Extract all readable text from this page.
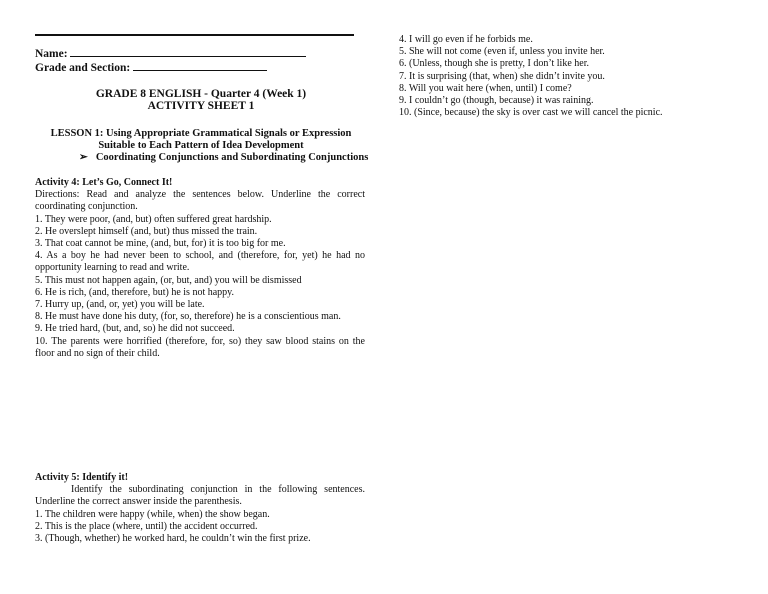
Name:
Grade and Section:
GRADE 8 ENGLISH - Quarter 4 (Week 1)
ACTIVITY SHEET 1
LESSON 1: Using Appropriate Grammatical Signals or Expression
Suitable to Each Pattern of Idea Development
➢ Coordinating Conjunctions and Subordinating Conjunctions

Activity 4: Let’s Go, Connect It!

Directions: Read and analyze the sentences below. Underline the correct coordinating conjunction.

1. They were poor, (and, but) often suffered great hardship.

2. He overslept himself (and, but) thus missed the train.

3. That coat cannot be mine, (and, but, for) it is too big for me.

4. As a boy he had never been to school, and (therefore, for, yet) he had no opportunity learning to read and write.

5. This must not happen again, (or, but, and) you will be dismissed

6. He is rich, (and, therefore, but) he is not happy.

7. Hurry up, (and, or, yet) you will be late.

8. He must have done his duty, (for, so, therefore) he is a conscientious man.

9. He tried hard, (but, and, so) he did not succeed.

10. The parents were horrified (therefore, for, so) they saw blood stains on the floor and no sign of their child.

Activity 5: Identify it!

Identify the subordinating conjunction in the following sentences. Underline the correct answer inside the parenthesis.

1. The children were happy (while, when) the show began.

2. This is the place (where, until) the accident occurred.

3. (Though, whether) he worked hard, he couldn’t win the first prize.

4. I will go even if he forbids me.

5. She will not come (even if, unless you invite her.

6. (Unless, though she is pretty, I don’t like her.

7. It is surprising (that, when) she didn’t invite you.

8. Will you wait here (when, until) I come?

9. I couldn’t go (though, because) it was raining.

10. (Since, because) the sky is over cast we will cancel the picnic.
